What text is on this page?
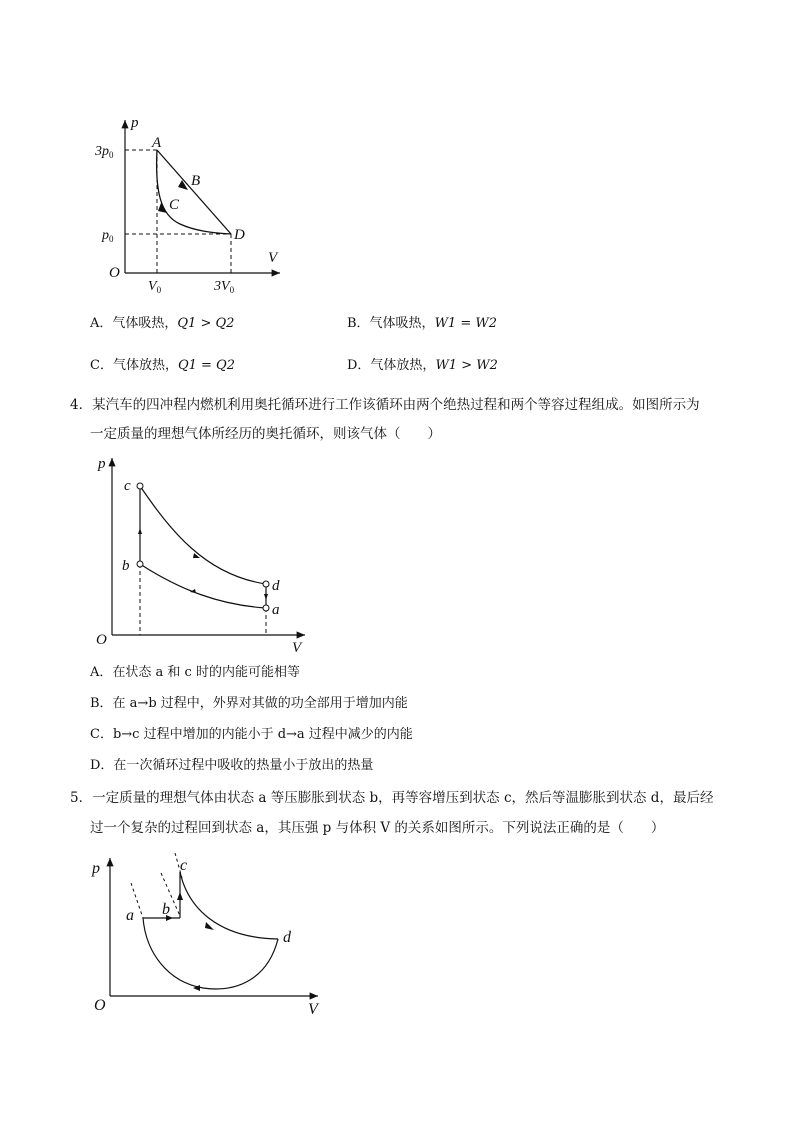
p
V
O
$3p_0$
$p_0$
$V_0$	$3V_0$
A
B
C
D
A．气体吸热，Q1 > Q2	B．气体吸热，W1 = W2
C．气体放热，Q1 = Q2	D．气体放热，W1 > W2
4．某汽车的四冲程内燃机利用奥托循环进行工作该循环由两个绝热过程和两个等容过程组成。如图所示为
一定质量的理想气体所经历的奥托循环，则该气体（　　）
p
V
O
c
b
d
a
A．在状态 a 和 c 时的内能可能相等
B．在 a→b 过程中，外界对其做的功全部用于增加内能
C．b→c 过程中增加的内能小于 d→a 过程中减少的内能
D．在一次循环过程中吸收的热量小于放出的热量
5．一定质量的理想气体由状态 a 等压膨胀到状态 b，再等容增压到状态 c，然后等温膨胀到状态 d，最后经
过一个复杂的过程回到状态 a，其压强 p 与体积 V 的关系如图所示。下列说法正确的是（　　）
p
V
O
a b
c
d
